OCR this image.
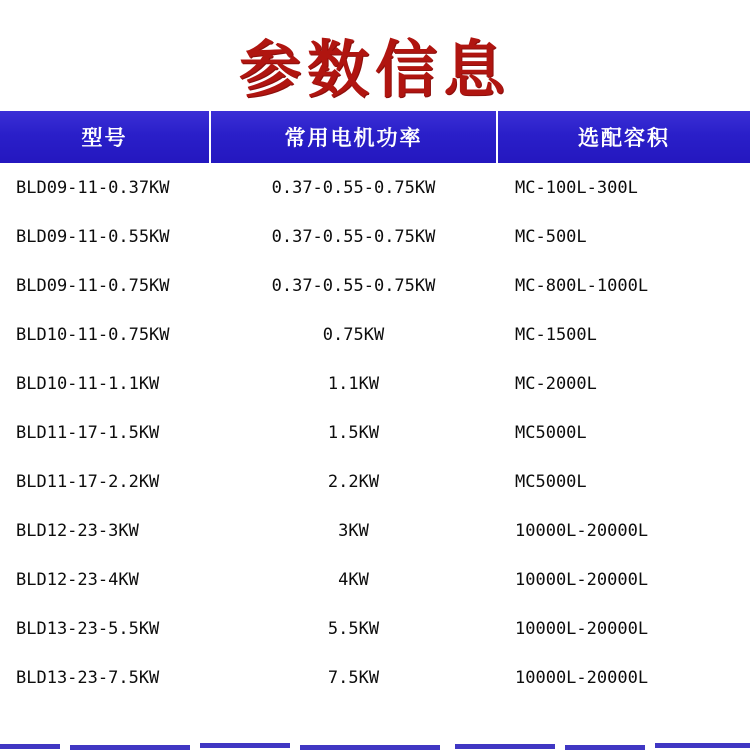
参数信息
型号	常用电机功率	选配容积
BLD09-11-0.37KW	0.37-0.55-0.75KW	MC-100L-300L
BLD09-11-0.55KW	0.37-0.55-0.75KW	MC-500L
BLD09-11-0.75KW	0.37-0.55-0.75KW	MC-800L-1000L
BLD10-11-0.75KW	0.75KW	MC-1500L
BLD10-11-1.1KW	1.1KW	MC-2000L
BLD11-17-1.5KW	1.5KW	MC5000L
BLD11-17-2.2KW	2.2KW	MC5000L
BLD12-23-3KW	3KW	10000L-20000L
BLD12-23-4KW	4KW	10000L-20000L
BLD13-23-5.5KW	5.5KW	10000L-20000L
BLD13-23-7.5KW	7.5KW	10000L-20000L
